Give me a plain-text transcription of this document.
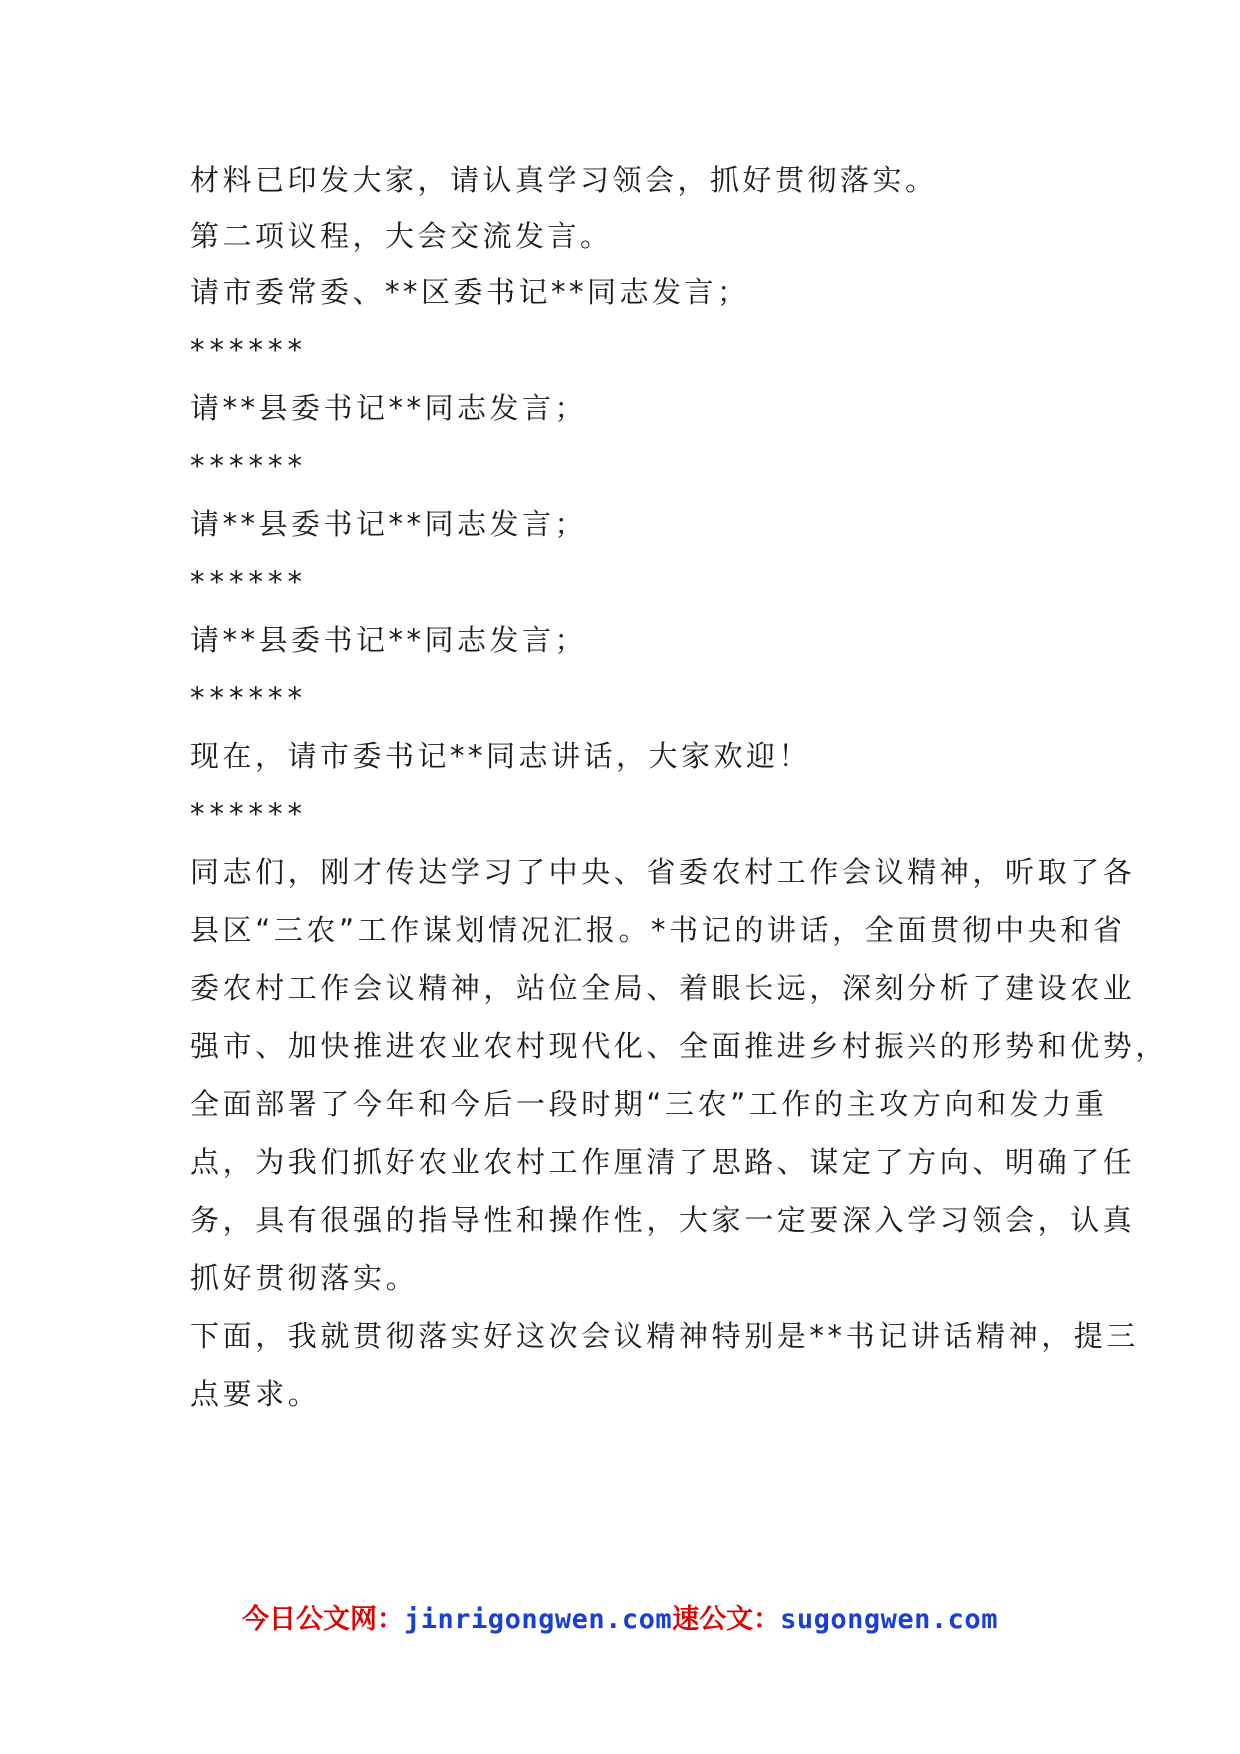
材料已印发大家，请认真学习领会，抓好贯彻落实。
第二项议程，大会交流发言。
请市委常委、**区委书记**同志发言；
******
请**县委书记**同志发言；
******
请**县委书记**同志发言；
******
请**县委书记**同志发言；
******
现在，请市委书记**同志讲话，大家欢迎！
******
同志们，刚才传达学习了中央、省委农村工作会议精神，听取了各
县区“三农”工作谋划情况汇报。*书记的讲话，全面贯彻中央和省
委农村工作会议精神，站位全局、着眼长远，深刻分析了建设农业
强市、加快推进农业农村现代化、全面推进乡村振兴的形势和优势，
全面部署了今年和今后一段时期“三农”工作的主攻方向和发力重
点，为我们抓好农业农村工作厘清了思路、谋定了方向、明确了任
务，具有很强的指导性和操作性，大家一定要深入学习领会，认真
抓好贯彻落实。
下面，我就贯彻落实好这次会议精神特别是**书记讲话精神，提三
点要求。
今日公文网：jinrigongwen.com速公文：sugongwen.com
